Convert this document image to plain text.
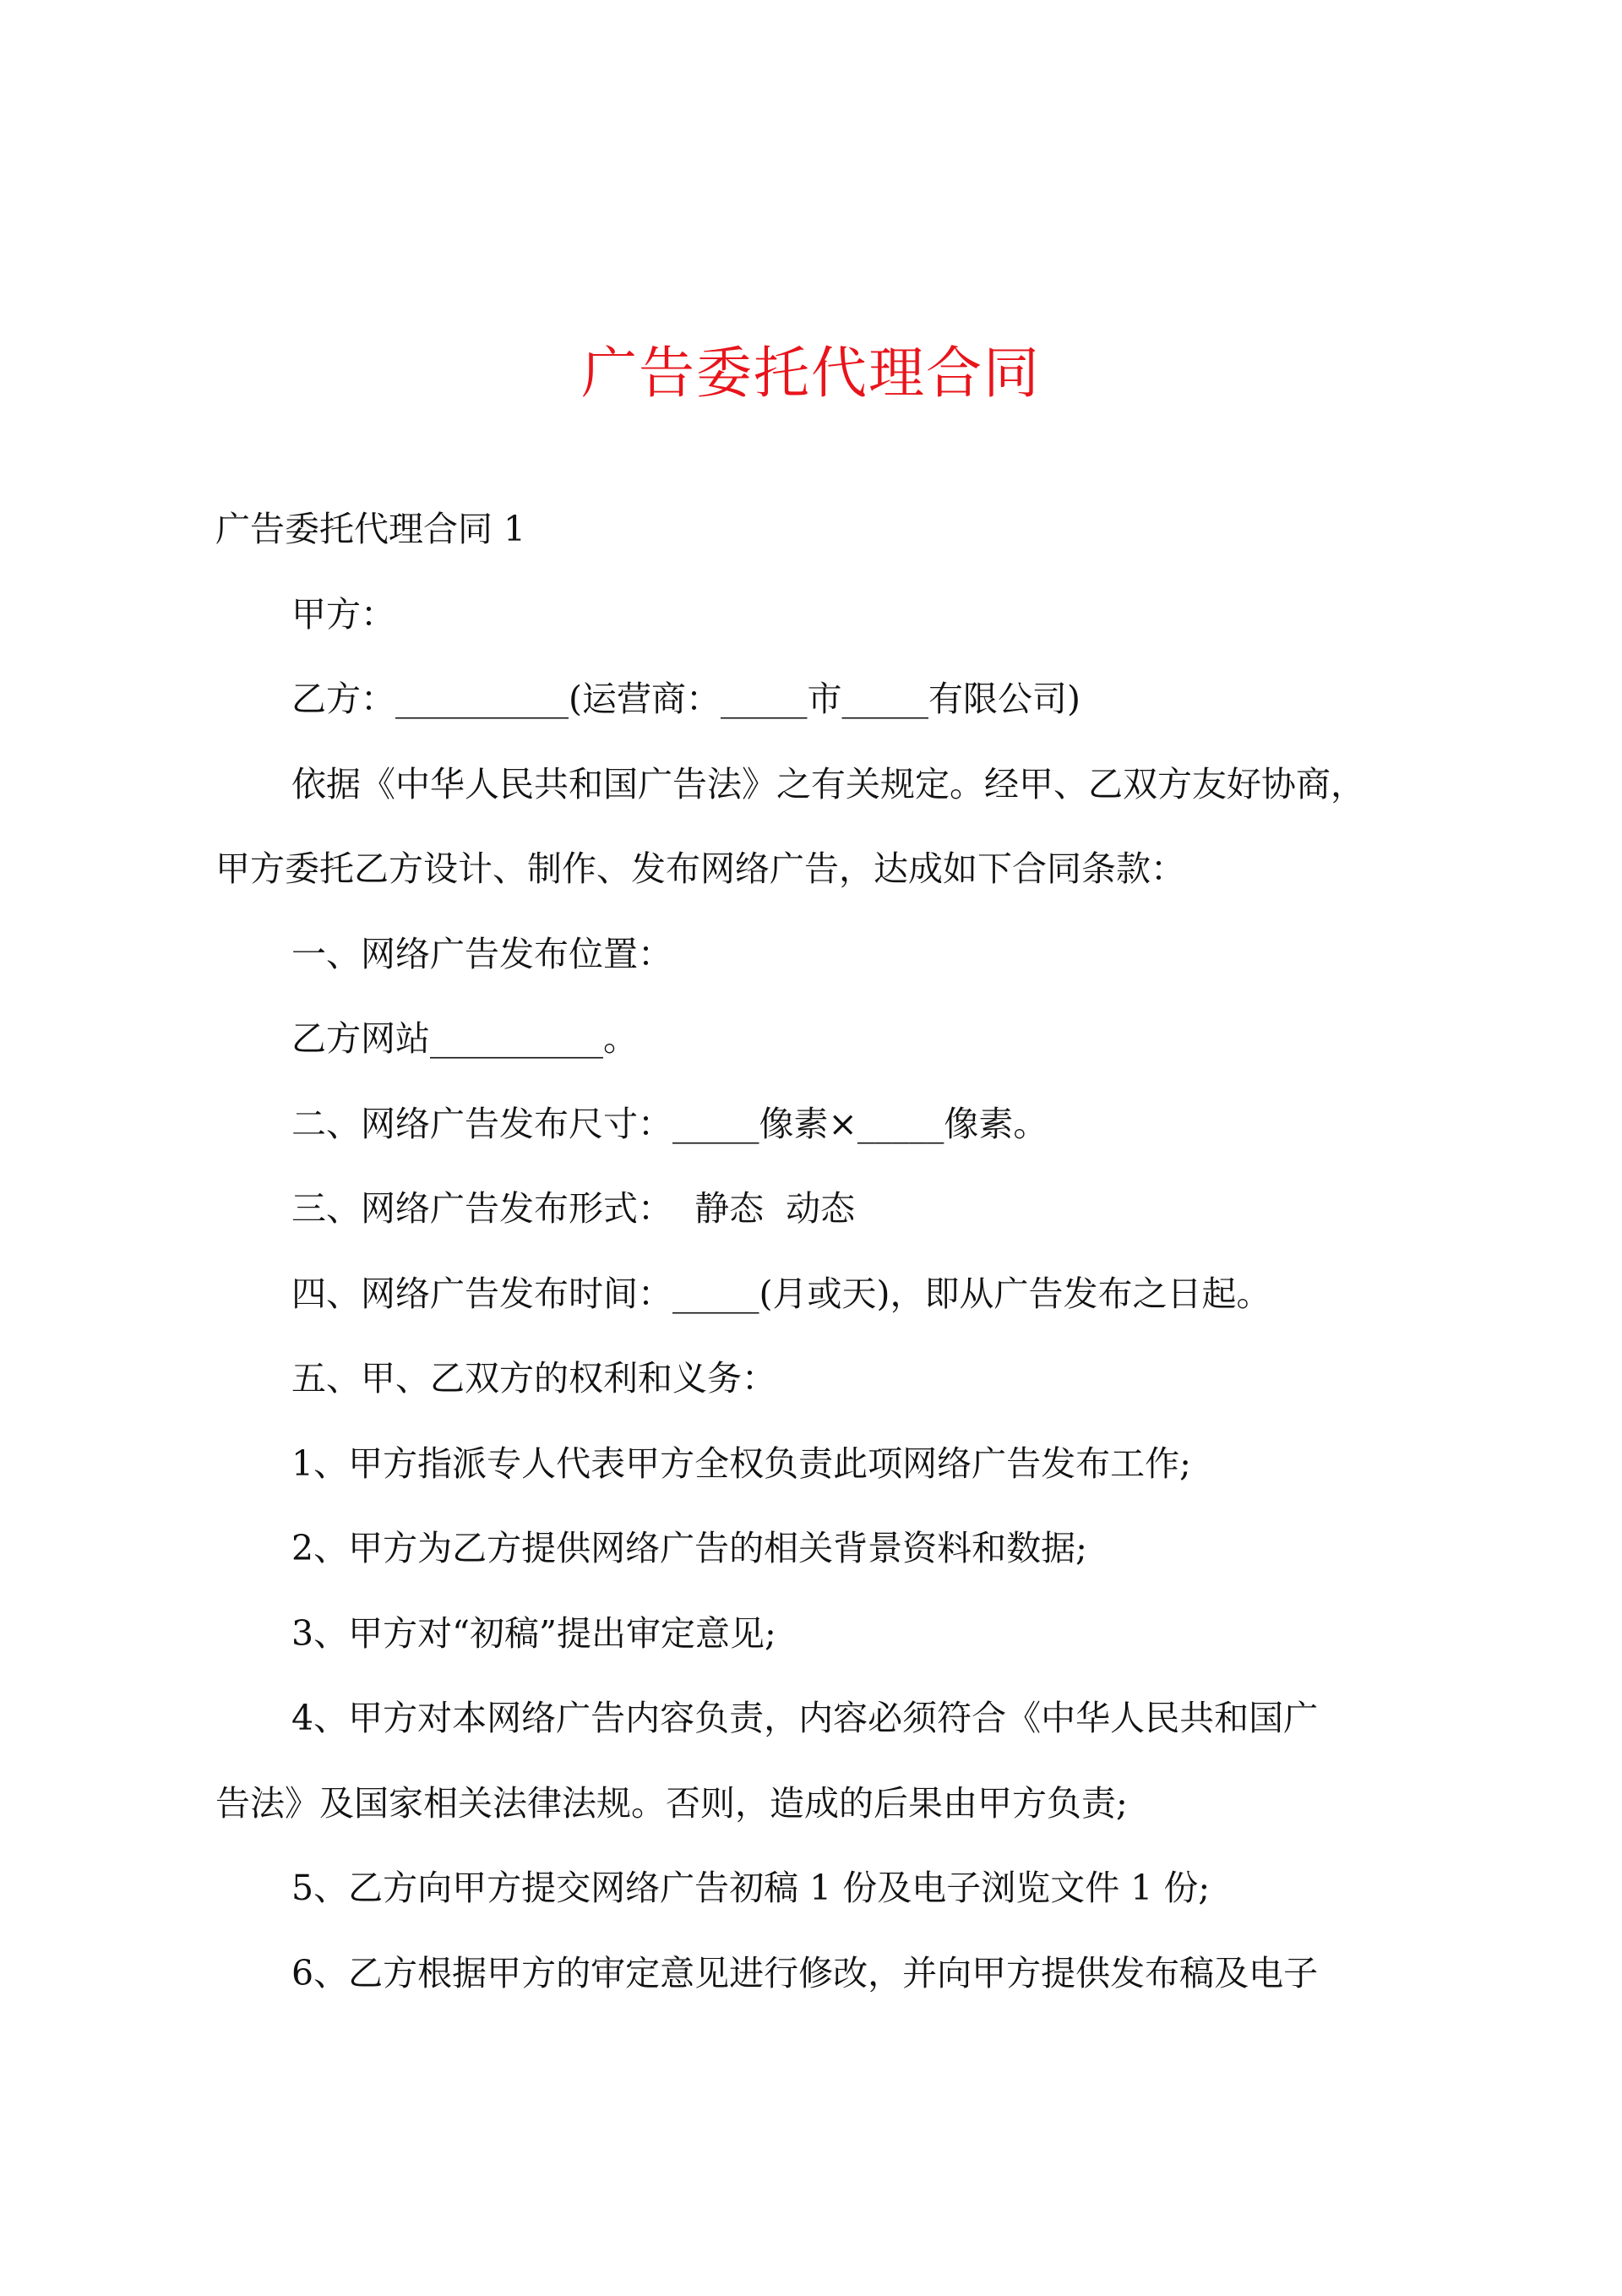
广告委托代理合同

广告委托代理合同 1

甲方：

乙方：__________(运营商：_____市_____有限公司)

依据《中华人民共和国广告法》之有关规定。经甲、乙双方友好协商，

甲方委托乙方设计、制作、发布网络广告，达成如下合同条款：

一、网络广告发布位置：

乙方网站__________。

二、网络广告发布尺寸：_____像素×_____像素。

三、网络广告发布形式：  静态  动态

四、网络广告发布时间：_____(月或天)，即从广告发布之日起。

五、甲、乙双方的权利和义务：

1、甲方指派专人代表甲方全权负责此项网络广告发布工作;

2、甲方为乙方提供网络广告的相关背景资料和数据;

3、甲方对“初稿”提出审定意见;

4、甲方对本网络广告内容负责，内容必须符合《中华人民共和国广

告法》及国家相关法律法规。否则，造成的后果由甲方负责;

5、乙方向甲方提交网络广告初稿 1 份及电子浏览文件 1 份;

6、乙方根据甲方的审定意见进行修改，并向甲方提供发布稿及电子
